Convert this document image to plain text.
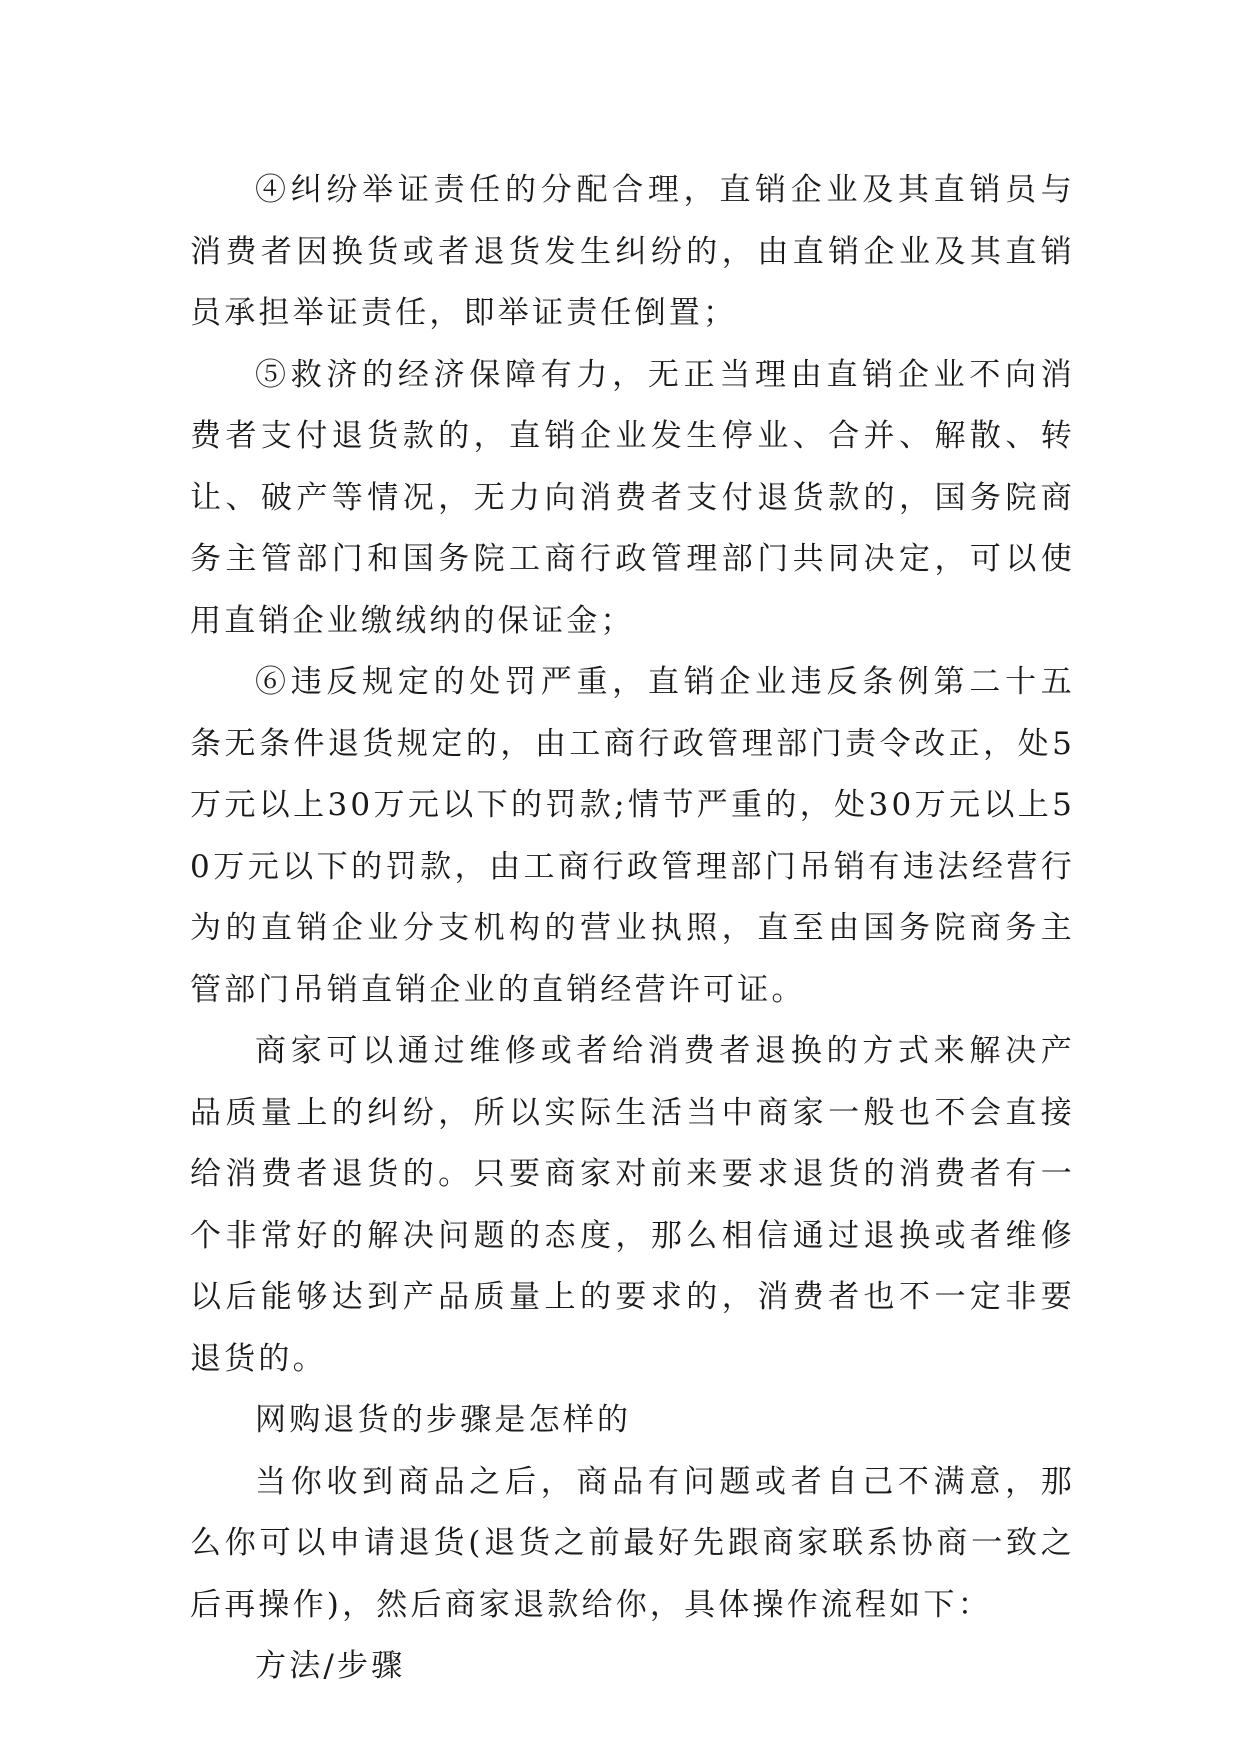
④纠纷举证责任的分配合理，直销企业及其直销员与消费者因换货或者退货发生纠纷的，由直销企业及其直销员承担举证责任，即举证责任倒置；

⑤救济的经济保障有力，无正当理由直销企业不向消费者支付退货款的，直销企业发生停业、合并、解散、转让、破产等情况，无力向消费者支付退货款的，国务院商务主管部门和国务院工商行政管理部门共同决定，可以使用直销企业缴绒纳的保证金；

⑥违反规定的处罚严重，直销企业违反条例第二十五条无条件退货规定的，由工商行政管理部门责令改正，处5万元以上30万元以下的罚款;情节严重的，处30万元以上50万元以下的罚款，由工商行政管理部门吊销有违法经营行为的直销企业分支机构的营业执照，直至由国务院商务主管部门吊销直销企业的直销经营许可证。

商家可以通过维修或者给消费者退换的方式来解决产品质量上的纠纷，所以实际生活当中商家一般也不会直接给消费者退货的。只要商家对前来要求退货的消费者有一个非常好的解决问题的态度，那么相信通过退换或者维修以后能够达到产品质量上的要求的，消费者也不一定非要退货的。

网购退货的步骤是怎样的

当你收到商品之后，商品有问题或者自己不满意，那么你可以申请退货(退货之前最好先跟商家联系协商一致之后再操作)，然后商家退款给你，具体操作流程如下：

方法/步骤
